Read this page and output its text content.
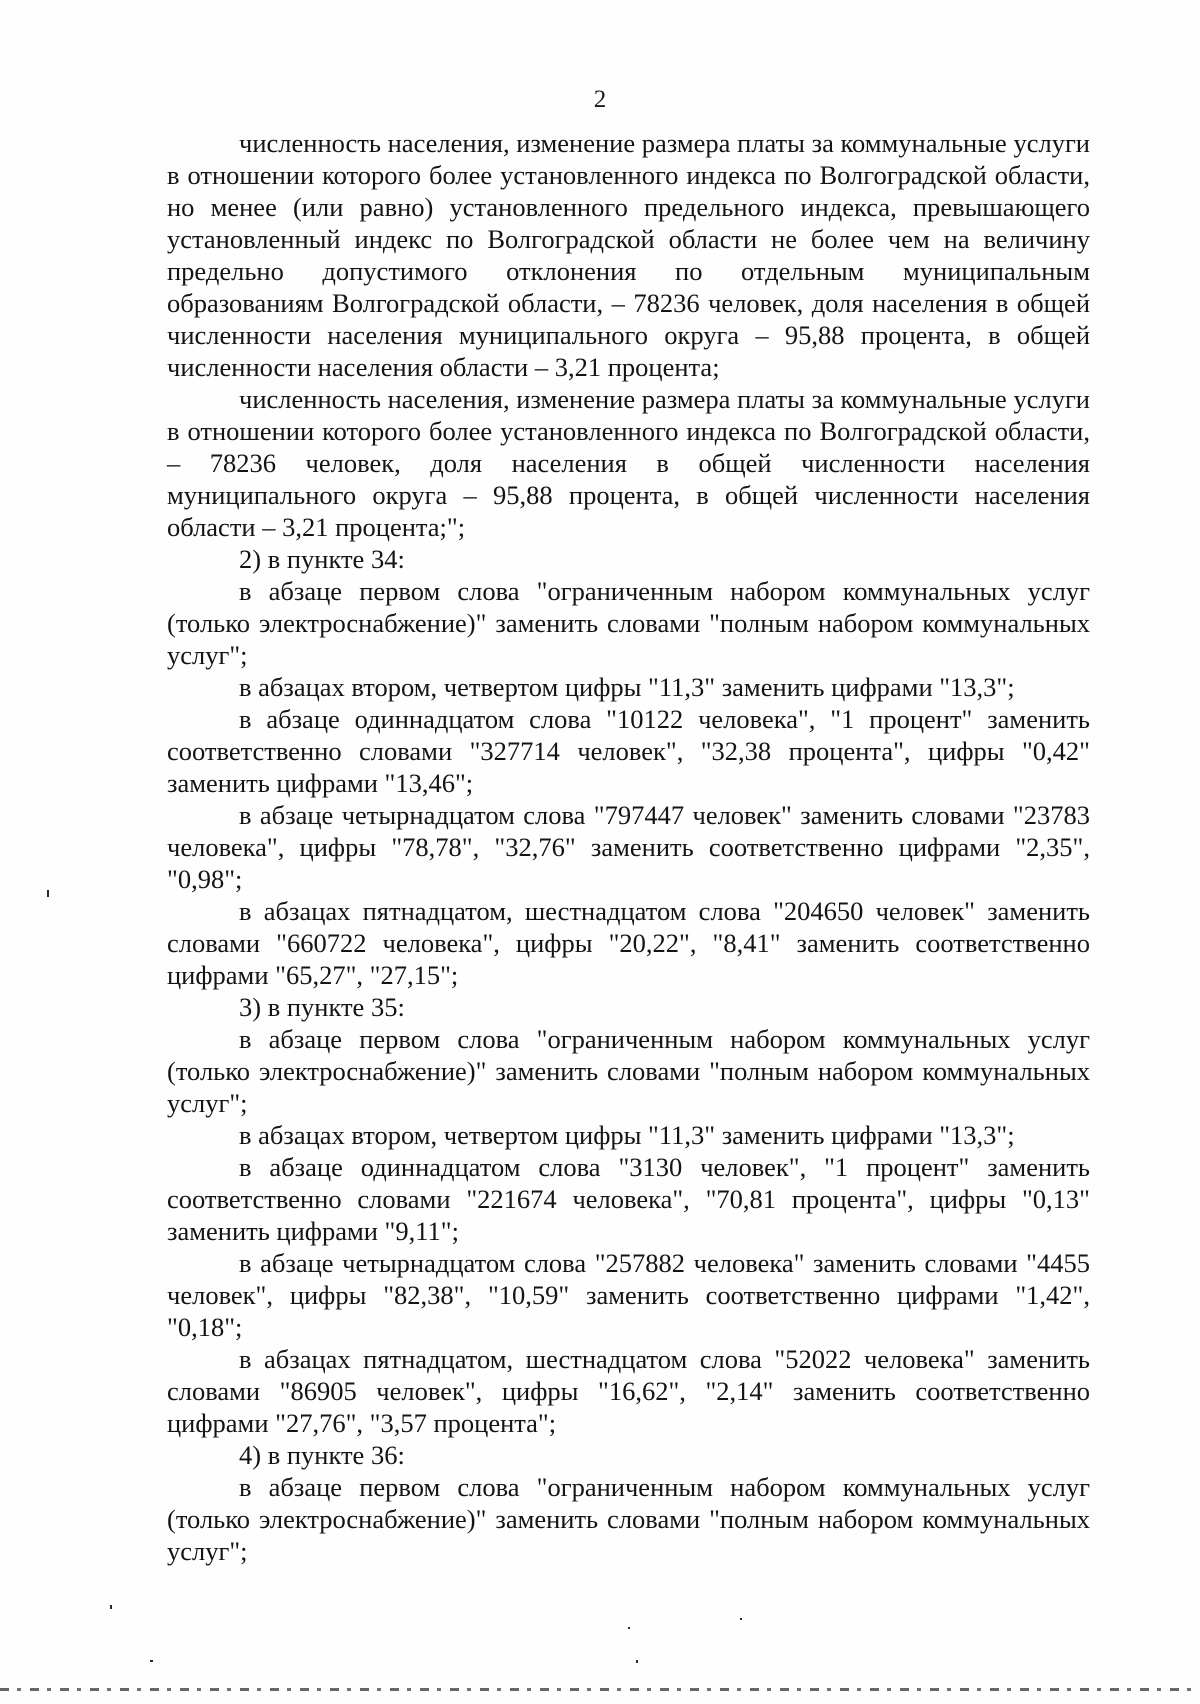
2

численность населения, изменение размера платы за коммунальные услуги в отношении которого более установленного индекса по Волгоградской области, но менее (или равно) установленного предельного индекса, превышающего установленный индекс по Волгоградской области не более чем на величину предельно допустимого отклонения по отдельным муниципальным образованиям Волгоградской области, – 78236 человек, доля населения в общей численности населения муниципального округа – 95,88 процента, в общей численности населения области – 3,21 процента;

численность населения, изменение размера платы за коммунальные услуги в отношении которого более установленного индекса по Волгоградской области, – 78236 человек, доля населения в общей численности населения муниципального округа – 95,88 процента, в общей численности населения области – 3,21 процента;";

2) в пункте 34:

в абзаце первом слова "ограниченным набором коммунальных услуг (только электроснабжение)" заменить словами "полным набором коммунальных услуг";

в абзацах втором, четвертом цифры "11,3" заменить цифрами "13,3";

в абзаце одиннадцатом слова "10122 человека", "1 процент" заменить соответственно словами "327714 человек", "32,38 процента", цифры "0,42" заменить цифрами "13,46";

в абзаце четырнадцатом слова "797447 человек" заменить словами "23783 человека", цифры "78,78", "32,76" заменить соответственно цифрами "2,35", "0,98";

в абзацах пятнадцатом, шестнадцатом слова "204650 человек" заменить словами "660722 человека", цифры "20,22", "8,41" заменить соответственно цифрами "65,27", "27,15";

3) в пункте 35:

в абзаце первом слова "ограниченным набором коммунальных услуг (только электроснабжение)" заменить словами "полным набором коммунальных услуг";

в абзацах втором, четвертом цифры "11,3" заменить цифрами "13,3";

в абзаце одиннадцатом слова "3130 человек", "1 процент" заменить соответственно словами "221674 человека", "70,81 процента", цифры "0,13" заменить цифрами "9,11";

в абзаце четырнадцатом слова "257882 человека" заменить словами "4455 человек", цифры "82,38", "10,59" заменить соответственно цифрами "1,42", "0,18";

в абзацах пятнадцатом, шестнадцатом слова "52022 человека" заменить словами "86905 человек", цифры "16,62", "2,14" заменить соответственно цифрами "27,76", "3,57 процента";

4) в пункте 36:

в абзаце первом слова "ограниченным набором коммунальных услуг (только электроснабжение)" заменить словами "полным набором коммунальных услуг";
